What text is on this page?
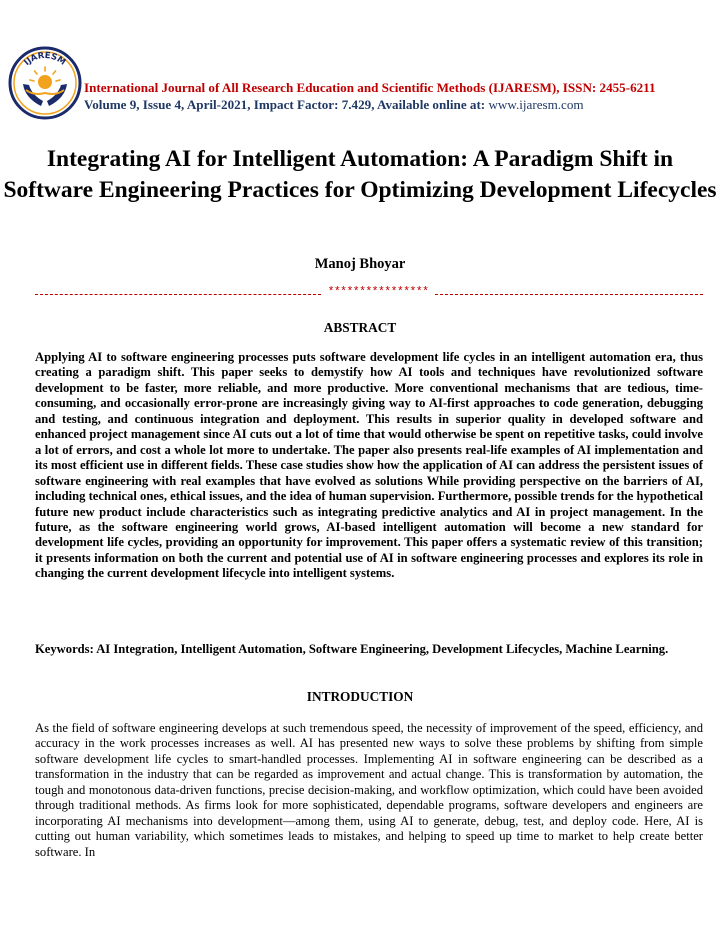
IJARESM
International Journal of All Research Education and Scientific Methods (IJARESM), ISSN: 2455-6211
Volume 9, Issue 4, April-2021, Impact Factor: 7.429, Available online at: www.ijaresm.com
Integrating AI for Intelligent Automation: A Paradigm Shift in Software Engineering Practices for Optimizing Development Lifecycles
Manoj Bhoyar
****************
ABSTRACT
Applying AI to software engineering processes puts software development life cycles in an intelligent automation era, thus creating a paradigm shift. This paper seeks to demystify how AI tools and techniques have revolutionized software development to be faster, more reliable, and more productive. More conventional mechanisms that are tedious, time-consuming, and occasionally error-prone are increasingly giving way to AI-first approaches to code generation, debugging and testing, and continuous integration and deployment. This results in superior quality in developed software and enhanced project management since AI cuts out a lot of time that would otherwise be spent on repetitive tasks, could involve a lot of errors, and cost a whole lot more to undertake. The paper also presents real-life examples of AI implementation and its most efficient use in different fields. These case studies show how the application of AI can address the persistent issues of software engineering with real examples that have evolved as solutions While providing perspective on the barriers of AI, including technical ones, ethical issues, and the idea of human supervision. Furthermore, possible trends for the hypothetical future new product include characteristics such as integrating predictive analytics and AI in project management. In the future, as the software engineering world grows, AI-based intelligent automation will become a new standard for development life cycles, providing an opportunity for improvement. This paper offers a systematic review of this transition; it presents information on both the current and potential use of AI in software engineering processes and explores its role in changing the current development lifecycle into intelligent systems.
Keywords: AI Integration, Intelligent Automation, Software Engineering, Development Lifecycles, Machine Learning.
INTRODUCTION
As the field of software engineering develops at such tremendous speed, the necessity of improvement of the speed, efficiency, and accuracy in the work processes increases as well. AI has presented new ways to solve these problems by shifting from simple software development life cycles to smart-handled processes. Implementing AI in software engineering can be described as a transformation in the industry that can be regarded as improvement and actual change. This is transformation by automation, the tough and monotonous data-driven functions, precise decision-making, and workflow optimization, which could have been avoided through traditional methods. As firms look for more sophisticated, dependable programs, software developers and engineers are incorporating AI mechanisms into development—among them, using AI to generate, debug, test, and deploy code. Here, AI is cutting out human variability, which sometimes leads to mistakes, and helping to speed up time to market to help create better software. In
